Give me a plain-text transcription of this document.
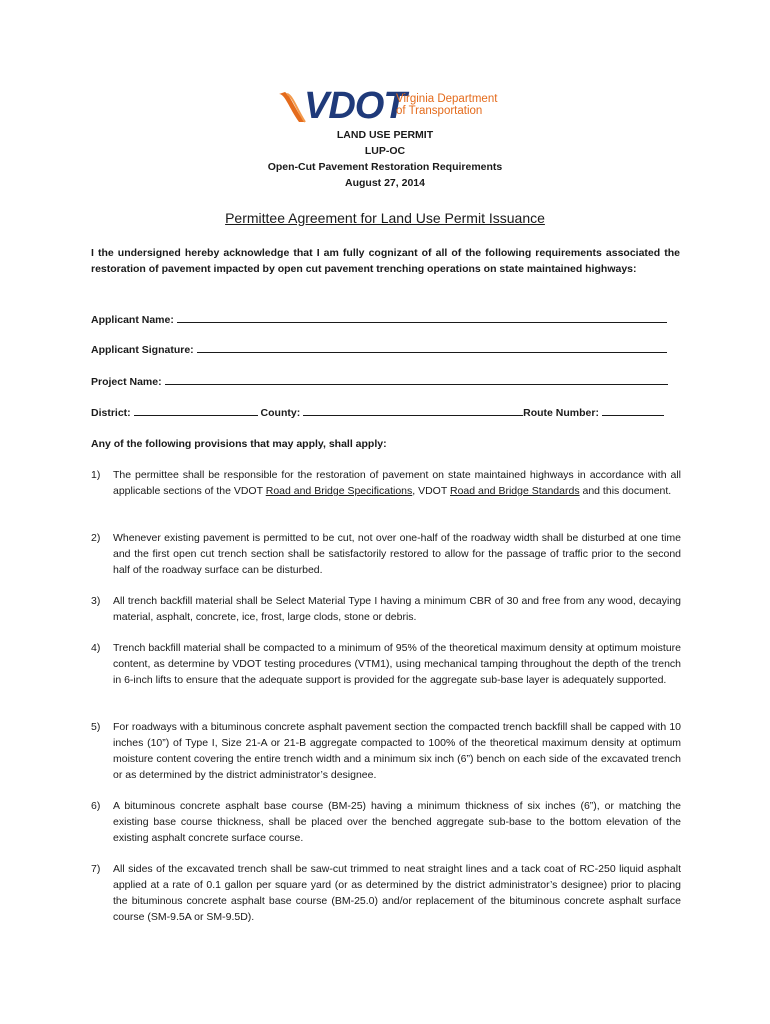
VDOT
Virginia Department
of Transportation
LAND USE PERMIT
LUP-OC
Open-Cut Pavement Restoration Requirements
August 27, 2014
Permittee Agreement for Land Use Permit Issuance
I the undersigned hereby acknowledge that I am fully cognizant of all of the following requirements associated the restoration of pavement impacted by open cut pavement trenching operations on state maintained highways:
Applicant Name:
Applicant Signature:
Project Name:
District:	County:	Route Number:
Any of the following provisions that may apply, shall apply:
1)	The permittee shall be responsible for the restoration of pavement on state maintained highways in accordance with all applicable sections of the VDOT Road and Bridge Specifications, VDOT Road and Bridge Standards and this document.
2)	Whenever existing pavement is permitted to be cut, not over one-half of the roadway width shall be disturbed at one time and the first open cut trench section shall be satisfactorily restored to allow for the passage of traffic prior to the second half of the roadway surface can be disturbed.
3)	All trench backfill material shall be Select Material Type I having a minimum CBR of 30 and free from any wood, decaying material, asphalt, concrete, ice, frost, large clods, stone or debris.
4)	Trench backfill material shall be compacted to a minimum of 95% of the theoretical maximum density at optimum moisture content, as determine by VDOT testing procedures (VTM1), using mechanical tamping throughout the depth of the trench in 6-inch lifts to ensure that the adequate support is provided for the aggregate sub-base layer is adequately supported.
5)	For roadways with a bituminous concrete asphalt pavement section the compacted trench backfill shall be capped with 10 inches (10”) of Type I, Size 21-A or 21-B aggregate compacted to 100% of the theoretical maximum density at optimum moisture content covering the entire trench width and a minimum six inch (6”) bench on each side of the excavated trench or as determined by the district administrator’s designee.
6)	A bituminous concrete asphalt base course (BM-25) having a minimum thickness of six inches (6”), or matching the existing base course thickness, shall be placed over the benched aggregate sub-base to the bottom elevation of the existing asphalt concrete surface course.
7)	All sides of the excavated trench shall be saw-cut trimmed to neat straight lines and a tack coat of RC-250 liquid asphalt applied at a rate of 0.1 gallon per square yard (or as determined by the district administrator’s designee) prior to placing the bituminous concrete asphalt base course (BM-25.0) and/or replacement of the bituminous concrete asphalt surface course (SM-9.5A or SM-9.5D).
